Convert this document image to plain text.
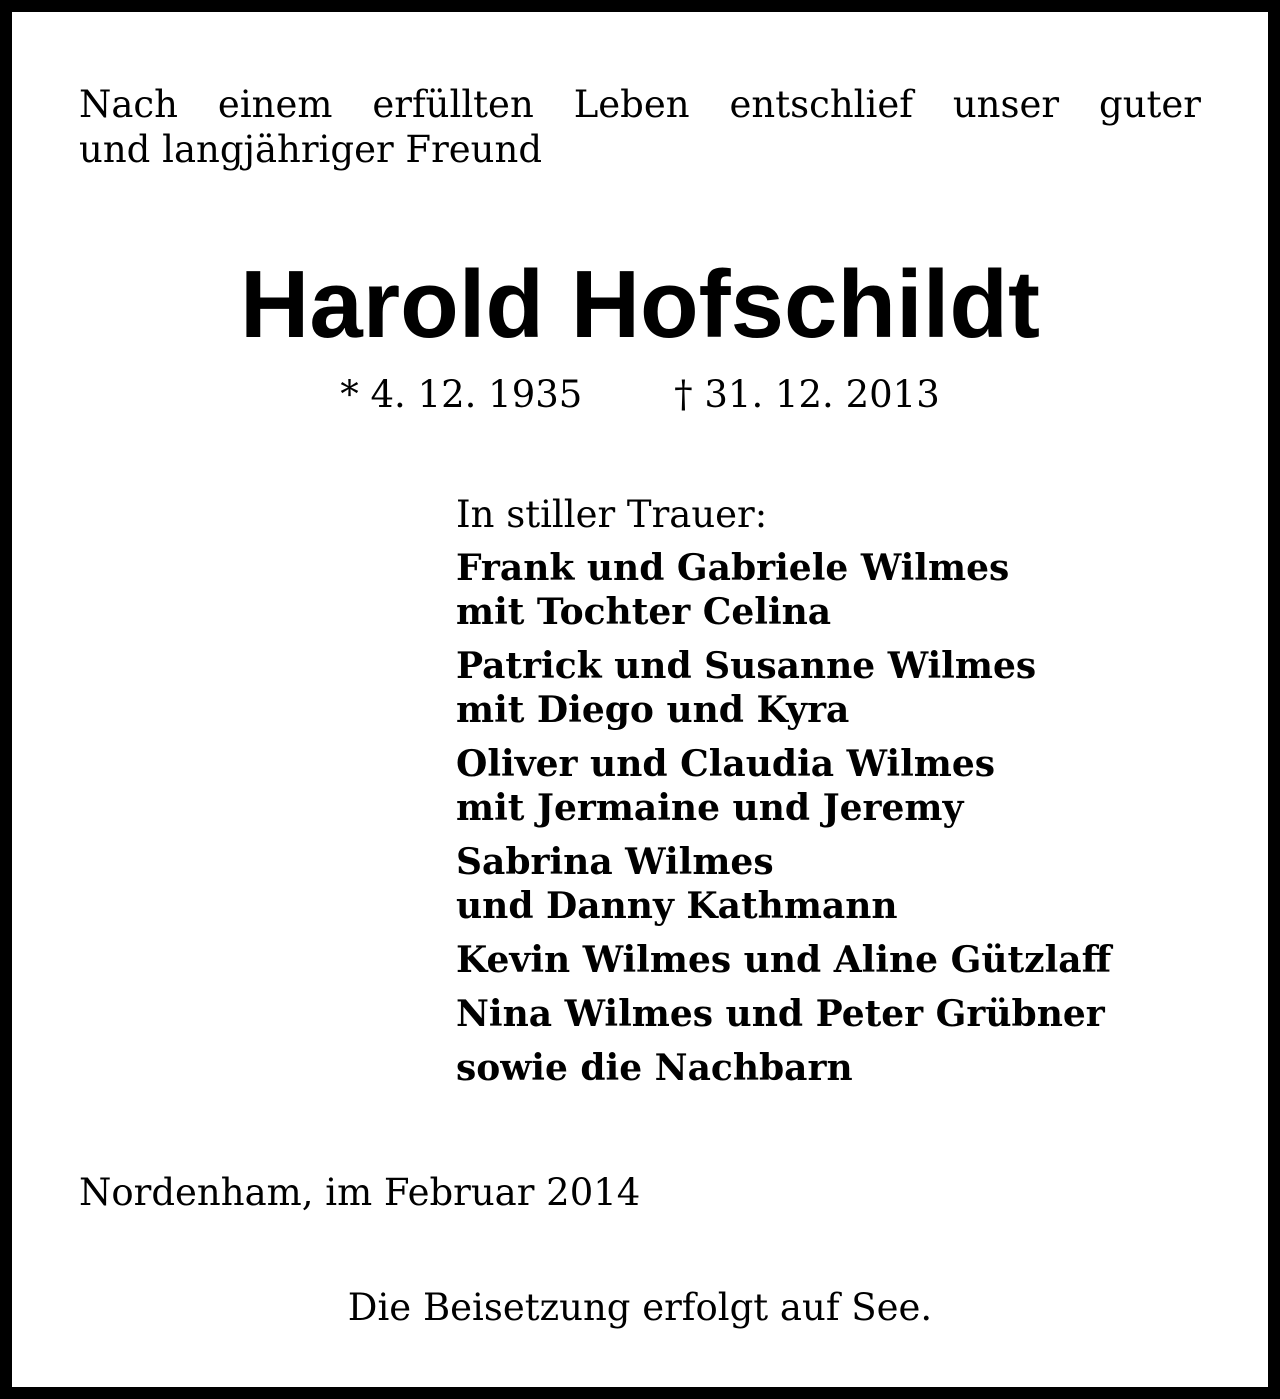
Nach einem erfüllten Leben entschlief unser guter
und langjähriger Freund
Harold Hofschildt
* 4. 12. 1935 † 31. 12. 2013
In stiller Trauer:
Frank und Gabriele Wilmes
mit Tochter Celina
Patrick und Susanne Wilmes
mit Diego und Kyra
Oliver und Claudia Wilmes
mit Jermaine und Jeremy
Sabrina Wilmes
und Danny Kathmann
Kevin Wilmes und Aline Gützlaff
Nina Wilmes und Peter Grübner
sowie die Nachbarn
Nordenham, im Februar 2014
Die Beisetzung erfolgt auf See.
